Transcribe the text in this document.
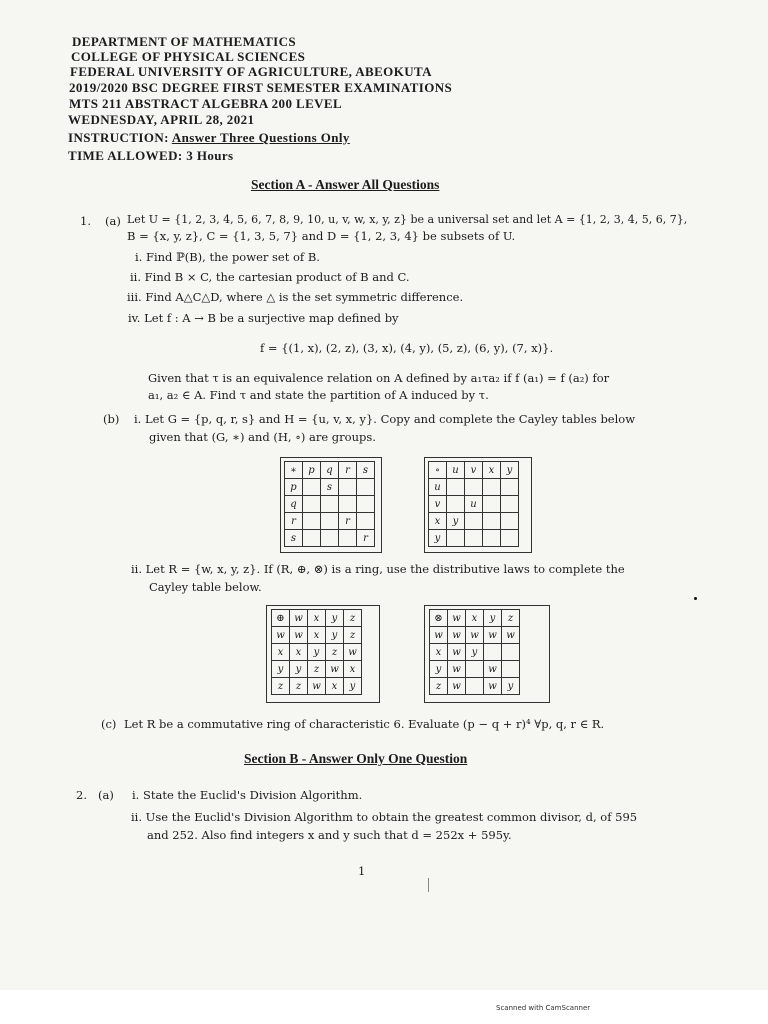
DEPARTMENT OF MATHEMATICS
COLLEGE OF PHYSICAL SCIENCES
FEDERAL UNIVERSITY OF AGRICULTURE, ABEOKUTA
2019/2020 BSC DEGREE FIRST SEMESTER EXAMINATIONS
MTS 211 ABSTRACT ALGEBRA 200 LEVEL
WEDNESDAY, APRIL 28, 2021
INSTRUCTION: Answer Three Questions Only
TIME ALLOWED: 3 Hours
Section A - Answer All Questions
1. (a) Let U = {1, 2, 3, 4, 5, 6, 7, 8, 9, 10, u, v, w, x, y, z} be a universal set and let A = {1, 2, 3, 4, 5, 6, 7},
B = {x, y, z}, C = {1, 3, 5, 7} and D = {1, 2, 3, 4} be subsets of U.
i. Find ℙ(B), the power set of B.
ii. Find B × C, the cartesian product of B and C.
iii. Find A△C△D, where △ is the set symmetric difference.
iv. Let f : A → B be a surjective map defined by
f = {(1, x), (2, z), (3, x), (4, y), (5, z), (6, y), (7, x)}.
Given that τ is an equivalence relation on A defined by a₁τa₂ if f (a₁) = f (a₂) for
a₁, a₂ ∈ A. Find τ and state the partition of A induced by τ.
(b) i. Let G = {p, q, r, s} and H = {u, v, x, y}. Copy and complete the Cayley tables below
given that (G, ∗) and (H, ∘) are groups.
∗	p	q	r	s
p		s		
q				
r			r	
s				r
∘	u	v	x	y
u				
v		u		
x	y			
y				
ii. Let R = {w, x, y, z}. If (R, ⊕, ⊗) is a ring, use the distributive laws to complete the
Cayley table below.
⊕	w	x	y	z
w	w	x	y	z
x	x	y	z	w
y	y	z	w	x
z	z	w	x	y
⊗	w	x	y	z
w	w	w	w	w
x	w	y		
y	w		w	
z	w		w	y
(c) Let R be a commutative ring of characteristic 6. Evaluate (p − q + r)⁴ ∀p, q, r ∈ R.
Section B - Answer Only One Question
2. (a) i. State the Euclid's Division Algorithm.
ii. Use the Euclid's Division Algorithm to obtain the greatest common divisor, d, of 595
and 252. Also find integers x and y such that d = 252x + 595y.
1
Scanned with CamScanner
